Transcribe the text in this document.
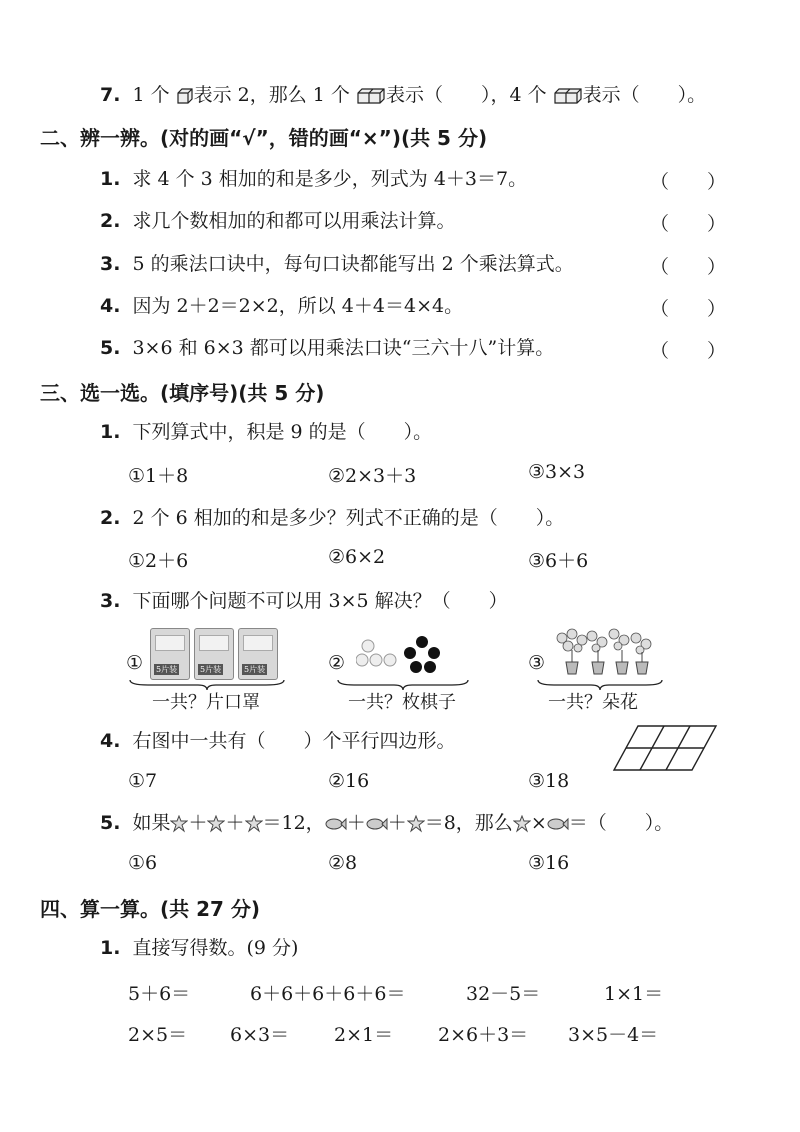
7. 1 个 表示 2，那么 1 个 表示（　　），4 个 表示（　　）。
二、辨一辨。(对的画“√”，错的画“×”)(共 5 分)
1. 求 4 个 3 相加的和是多少，列式为 4＋3＝7。	（　　）
2. 求几个数相加的和都可以用乘法计算。	（　　）
3. 5 的乘法口诀中，每句口诀都能写出 2 个乘法算式。	（　　）
4. 因为 2＋2＝2×2，所以 4＋4＝4×4。	（　　）
5. 3×6 和 6×3 都可以用乘法口诀“三六十八”计算。	（　　）
三、选一选。(填序号)(共 5 分)
1. 下列算式中，积是 9 的是（　　）。
①1＋8	②2×3＋3	③3×3
2. 2 个 6 相加的和是多少？列式不正确的是（　　）。
①2＋6	②6×2	③6＋6
3. 下面哪个问题不可以用 3×5 解决？（　　）
① 5片装	5片装	5片装
一共？片口罩
②
一共？枚棋子
③
一共？朵花
4. 右图中一共有（　　）个平行四边形。
①7	②16	③18
5. 如果 ＋ ＋ ＝12， ＋ ＋ ＝8，那么 × ＝（　　）。
①6	②8	③16
四、算一算。(共 27 分)
1. 直接写得数。(9 分)
5＋6＝	6＋6＋6＋6＋6＝	32－5＝	1×1＝
2×5＝ 6×3＝ 2×1＝ 2×6＋3＝ 3×5－4＝
